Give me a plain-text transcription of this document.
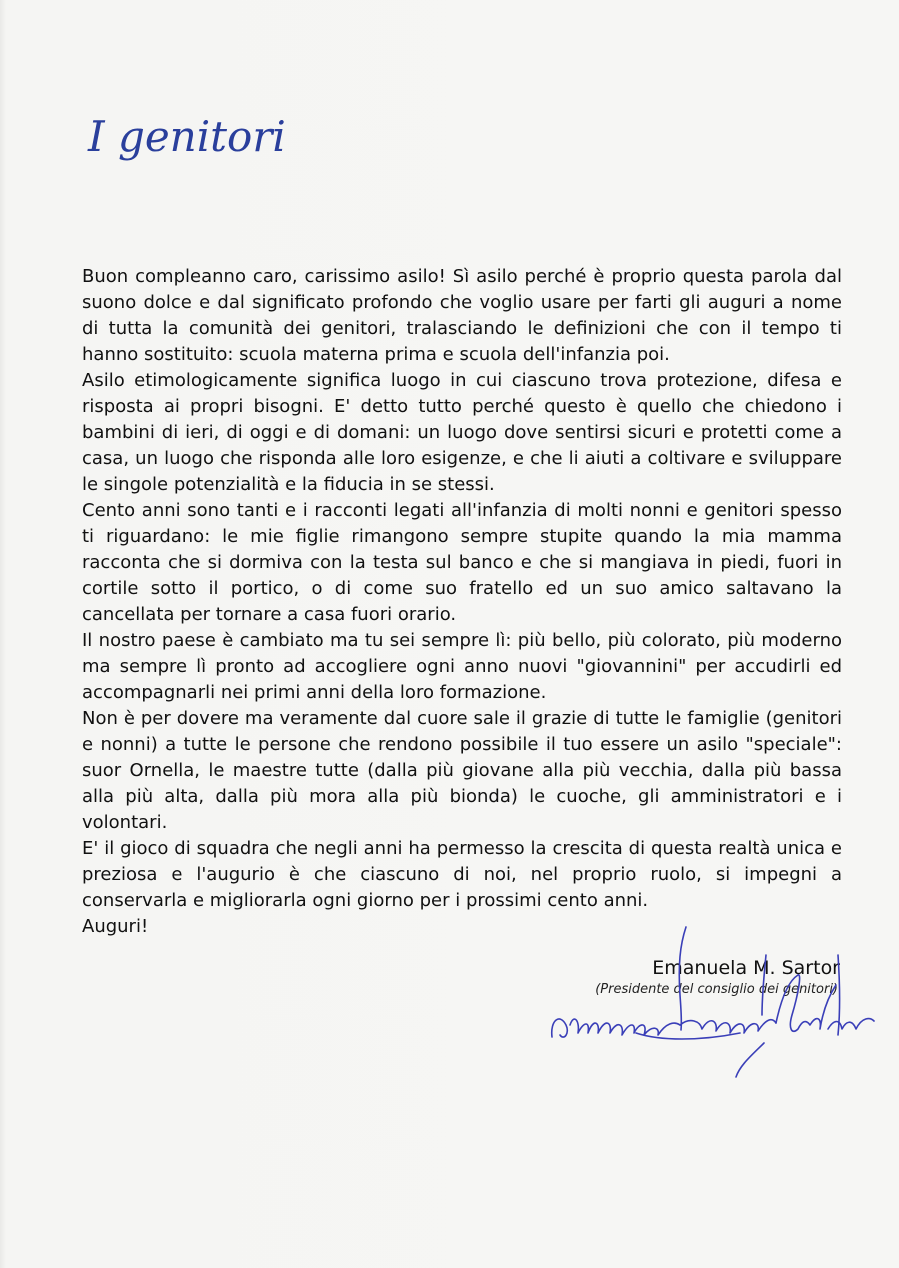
I genitori

Buon compleanno caro, carissimo asilo! Sì asilo perché è proprio questa parola dal suono dolce e dal significato profondo che voglio usare per farti gli auguri a nome di tutta la comunità dei genitori, tralasciando le definizioni che con il tempo ti hanno sostituito: scuola materna prima e scuola dell'infanzia poi.

Asilo etimologicamente significa luogo in cui ciascuno trova protezione, difesa e risposta ai propri bisogni. E' detto tutto perché questo è quello che chiedono i bambini di ieri, di oggi e di domani: un luogo dove sentirsi sicuri e protetti come a casa, un luogo che risponda alle loro esigenze, e che li aiuti a coltivare e sviluppare le singole potenzialità e la fiducia in se stessi.

Cento anni sono tanti e i racconti legati all'infanzia di molti nonni e genitori spesso ti riguardano: le mie figlie rimangono sempre stupite quando la mia mamma racconta che si dormiva con la testa sul banco e che si mangiava in piedi, fuori in cortile sotto il portico, o di come suo fratello ed un suo amico saltavano la cancellata per tornare a casa fuori orario.

Il nostro paese è cambiato ma tu sei sempre lì: più bello, più colorato, più moderno ma sempre lì pronto ad accogliere ogni anno nuovi "giovannini" per accudirli ed accompagnarli nei primi anni della loro formazione.

Non è per dovere ma veramente dal cuore sale il grazie di tutte le famiglie (genitori e nonni) a tutte le persone che rendono possibile il tuo essere un asilo "speciale": suor Ornella, le maestre tutte (dalla più giovane alla più vecchia, dalla più bassa alla più alta, dalla più mora alla più bionda) le cuoche, gli amministratori e i volontari.

E' il gioco di squadra che negli anni ha permesso la crescita di questa realtà unica e preziosa e l'augurio è che ciascuno di noi, nel proprio ruolo, si impegni a conservarla e migliorarla ogni giorno per i prossimi cento anni.

Auguri!

Emanuela M. Sartor
(Presidente del consiglio dei genitori)
